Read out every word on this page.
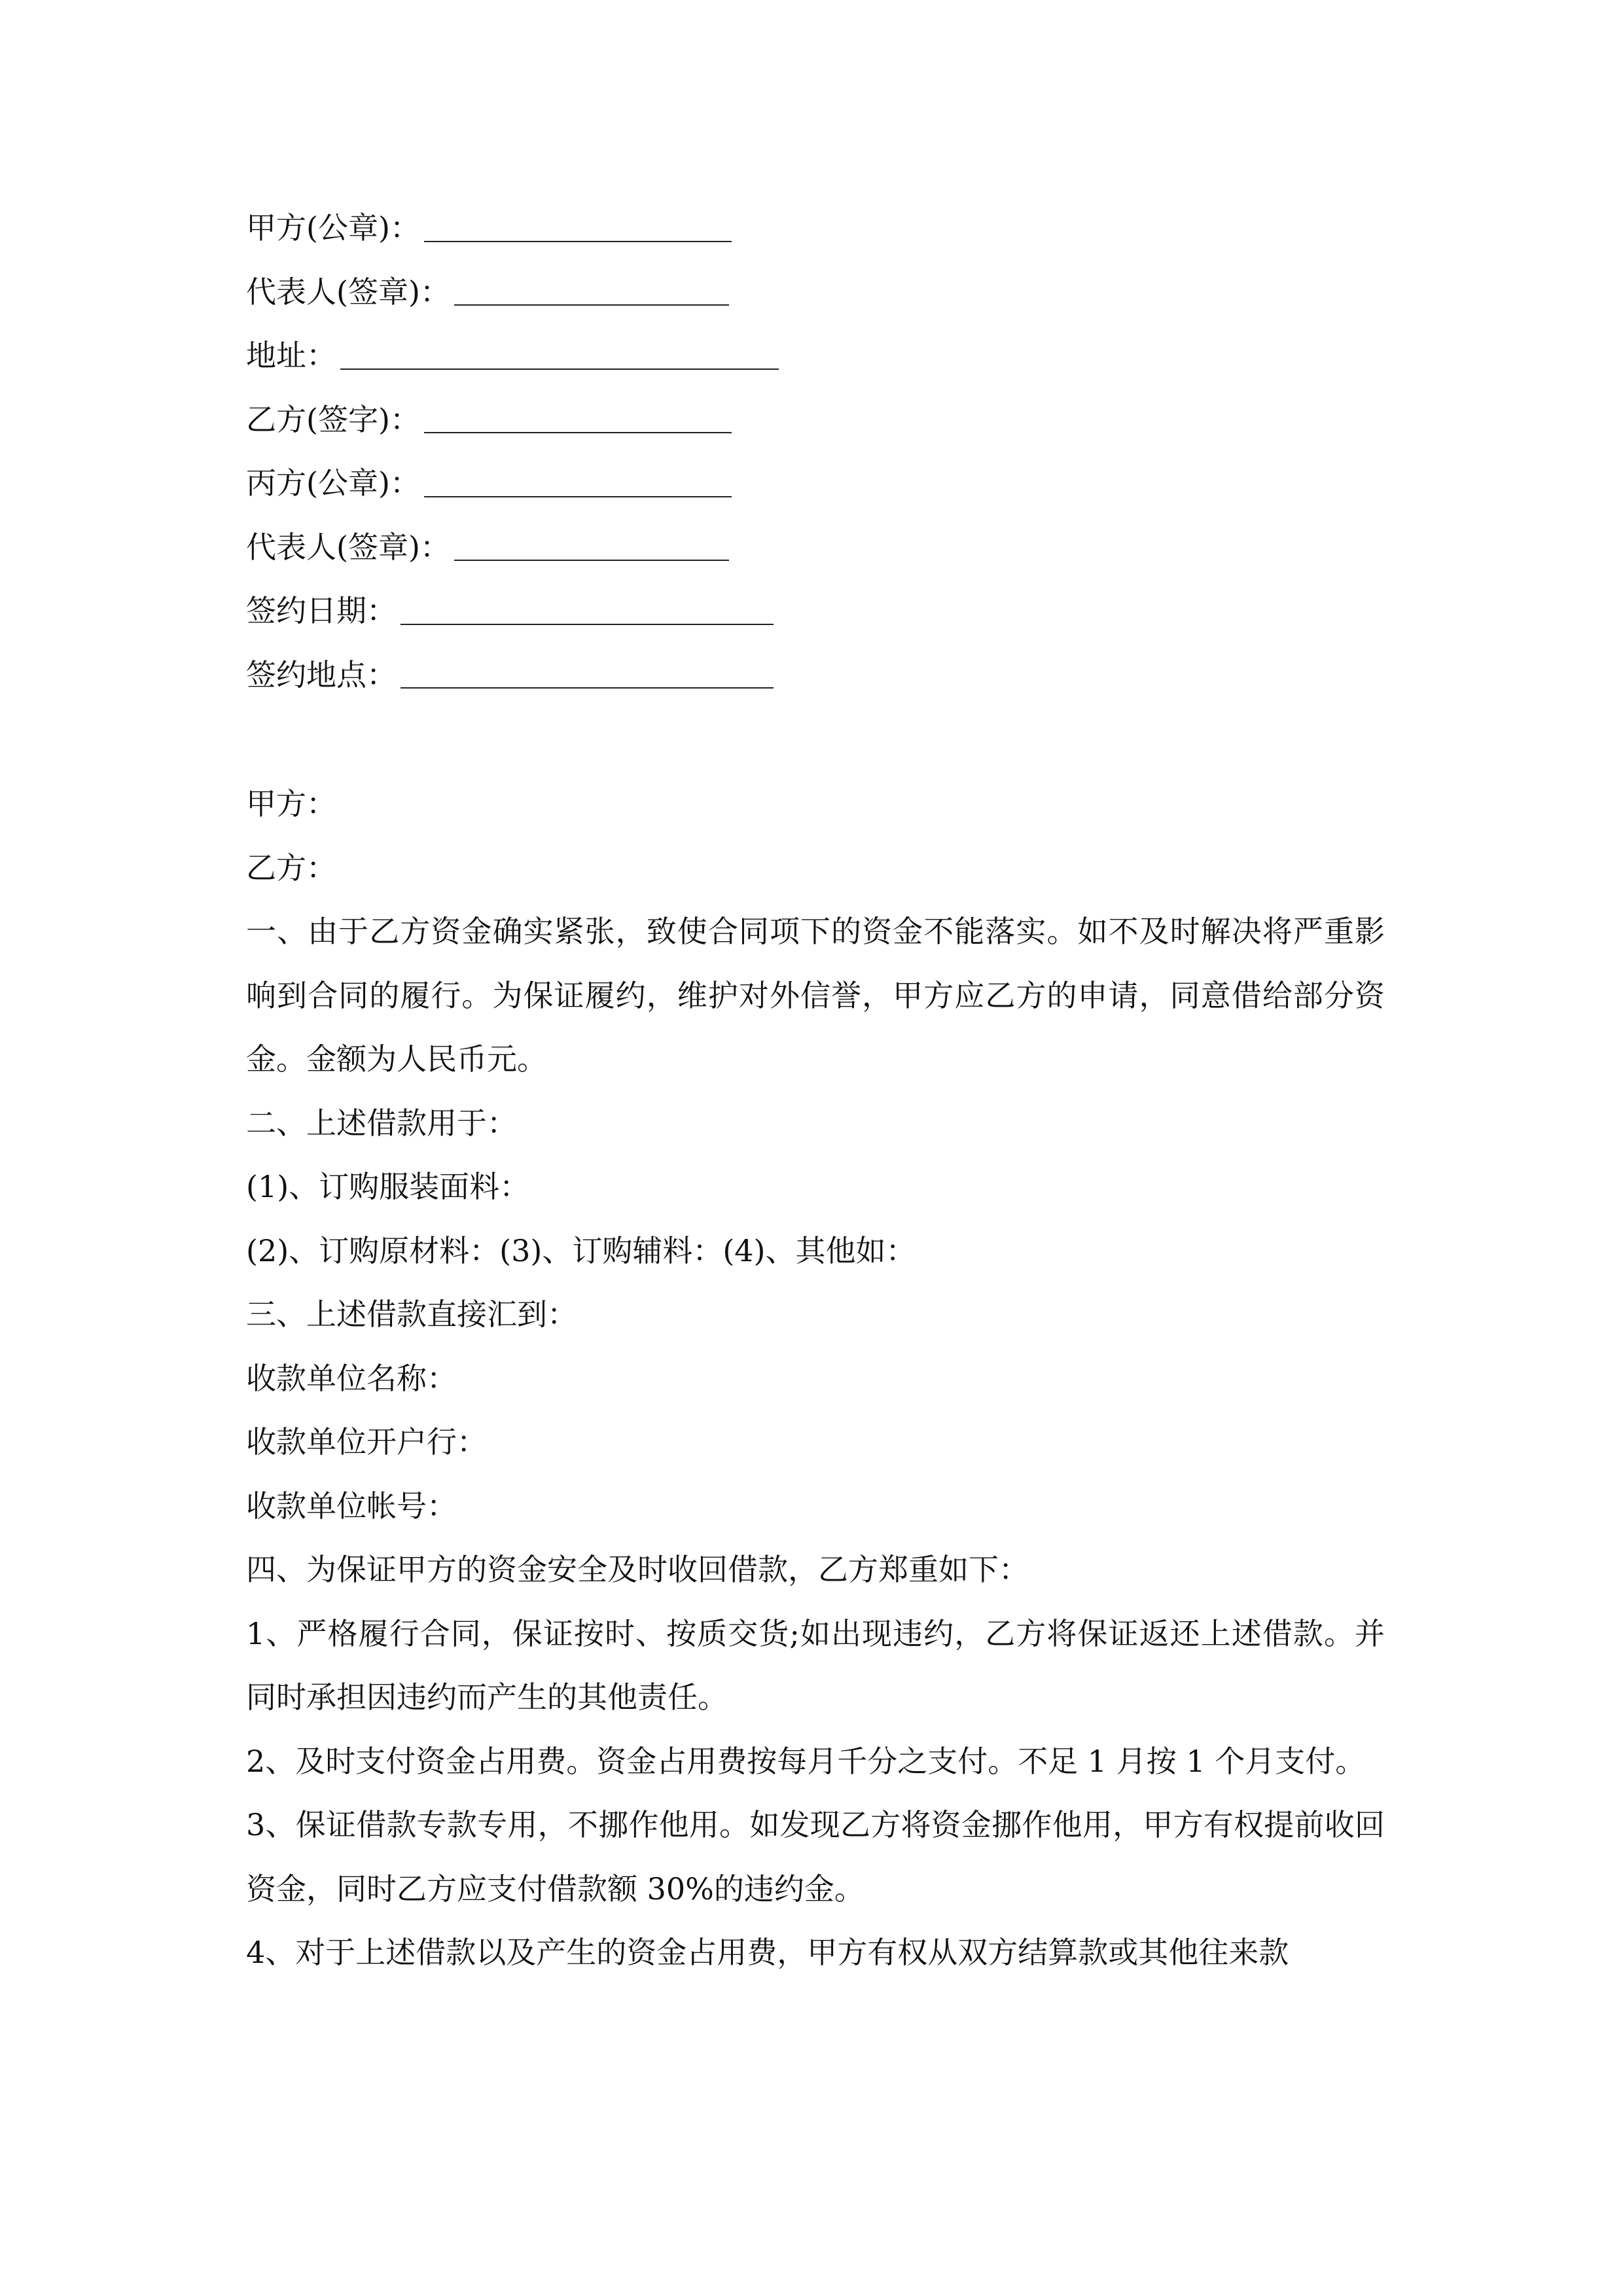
甲方(公章)：
代表人(签章)：
地址：
乙方(签字)：
丙方(公章)：
代表人(签章)：
签约日期：
签约地点：
甲方：
乙方：
一、由于乙方资金确实紧张，致使合同项下的资金不能落实。如不及时解决将严重影响到合同的履行。为保证履约，维护对外信誉，甲方应乙方的申请，同意借给部分资金。金额为人民币元。
二、上述借款用于：
(1)、订购服装面料：
(2)、订购原材料：(3)、订购辅料：(4)、其他如：
三、上述借款直接汇到：
收款单位名称：
收款单位开户行：
收款单位帐号：
四、为保证甲方的资金安全及时收回借款，乙方郑重如下：
1、严格履行合同，保证按时、按质交货;如出现违约，乙方将保证返还上述借款。并同时承担因违约而产生的其他责任。
2、及时支付资金占用费。资金占用费按每月千分之支付。不足 1 月按 1 个月支付。
3、保证借款专款专用，不挪作他用。如发现乙方将资金挪作他用，甲方有权提前收回资金，同时乙方应支付借款额 30%的违约金。
4、对于上述借款以及产生的资金占用费，甲方有权从双方结算款或其他往来款
